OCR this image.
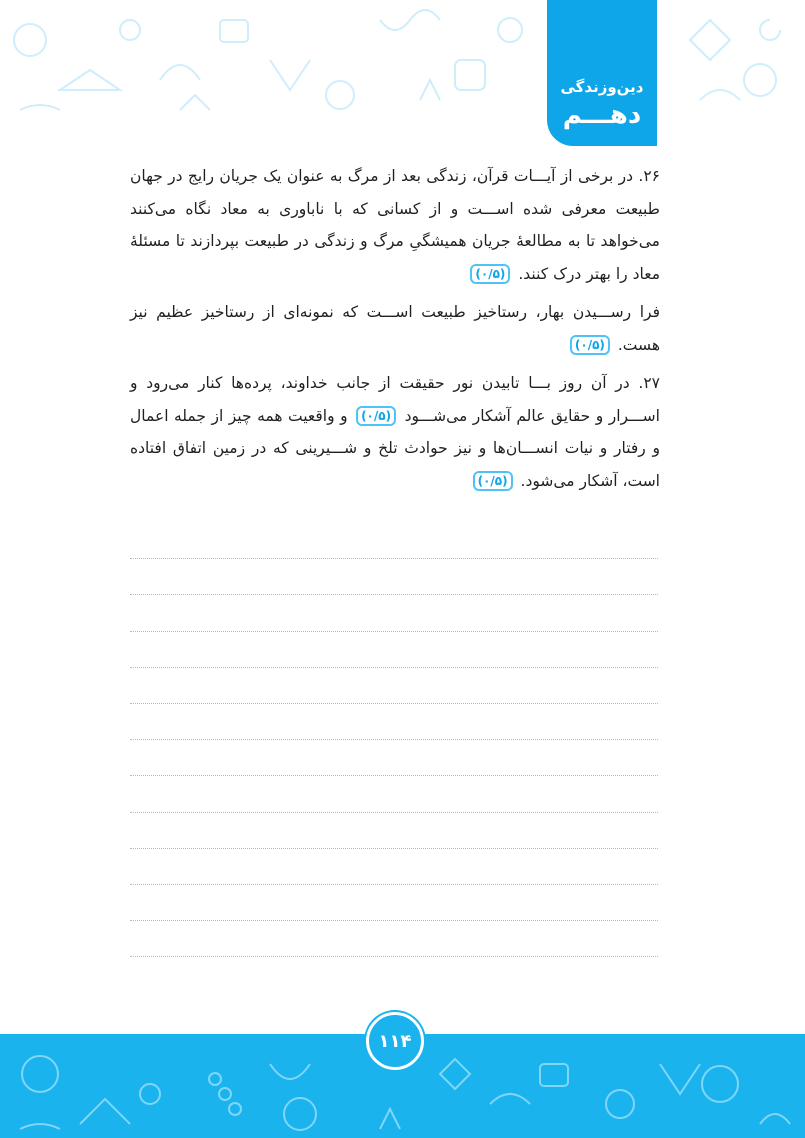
دین‌وزندگی
دهـــم

۲۶. در برخی از آیـــات قرآن، زندگی بعد از مرگ به عنوان یک جریان رایج در جهان طبیعت معرفی شده اســـت و از کسانی که با ناباوری به معاد نگاه می‌کنند می‌خواهد تا به مطالعهٔ جریان همیشگیِ مرگ و زندگی در طبیعت بپردازند تا مسئلهٔ معاد را بهتر درک کنند. (۰/۵)

فرا رســـیدن بهار، رستاخیز طبیعت اســـت که نمونه‌ای از رستاخیز عظیم نیز هست. (۰/۵)

۲۷. در آن روز بـــا تابیدن نور حقیقت از جانب خداوند، پرده‌ها کنار می‌رود و اســـرار و حقایق عالم آشکار می‌شـــود (۰/۵) و واقعیت همه چیز از جمله اعمال و رفتار و نیات انســـان‌ها و نیز حوادث تلخ و شـــیرینی که در زمین اتفاق افتاده است، آشکار می‌شود. (۰/۵)

۱۱۴
